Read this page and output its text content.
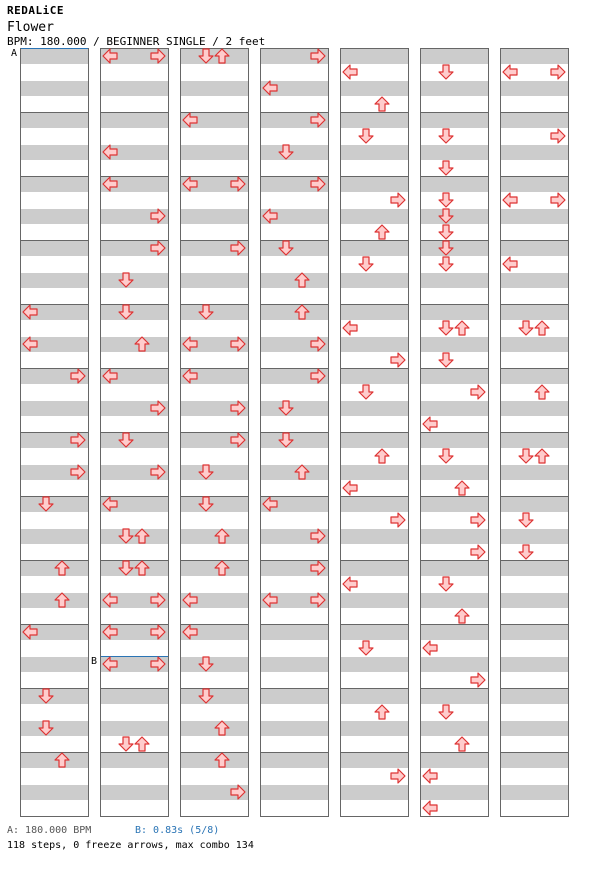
REDALiCE
Flower
BPM: 180.000 / BEGINNER SINGLE / 2 feet
A
B
A: 180.000 BPM	B: 0.83s (5/8)
118 steps, 0 freeze arrows, max combo 134
